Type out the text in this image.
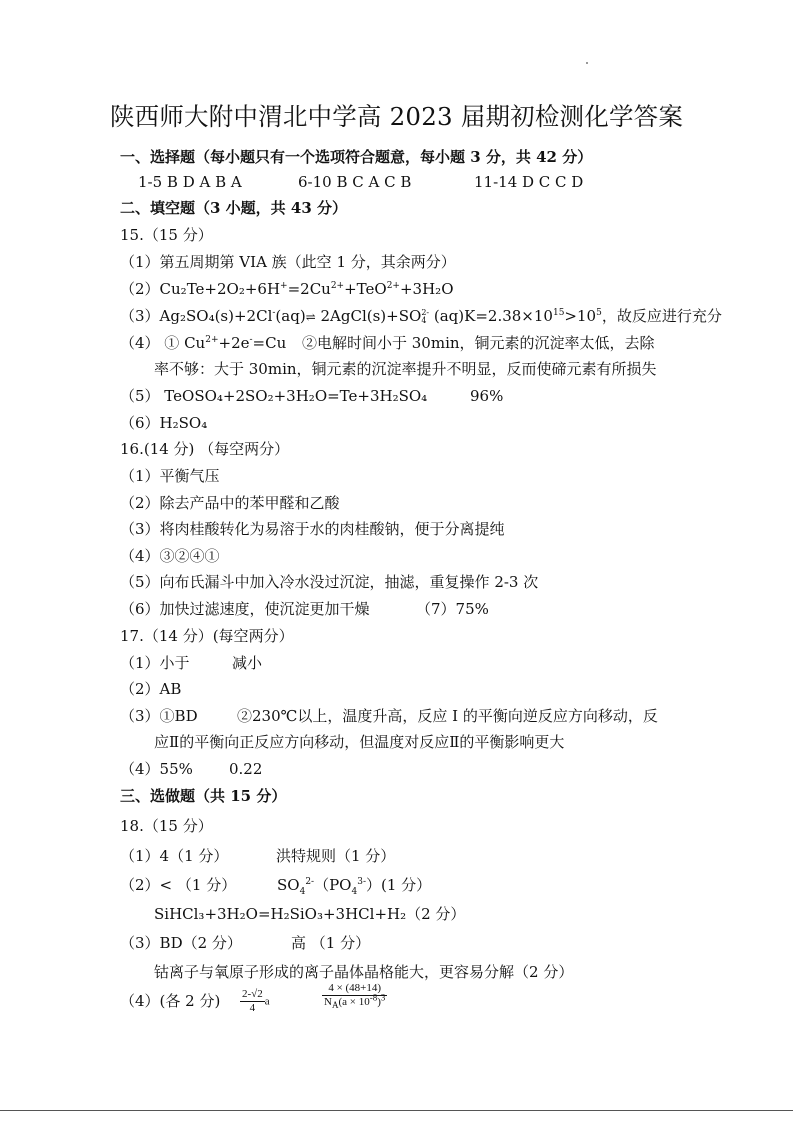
陕西师大附中渭北中学高 2023 届期初检测化学答案
一、选择题（每小题只有一个选项符合题意，每小题 3 分，共 42 分）
1-5 B D A B A	6-10 B C A C B	11-14 D C C D
二、填空题（3 小题，共 43 分）
15.（15 分）
（1）第五周期第 VIA 族（此空 1 分，其余两分）
$(2)Cu_2Te+2O_2+6H^+=2Cu^{2+}+TeO^{2+}+3H_2O$
（3）Ag₂SO₄(s)+2Cl-(aq)⇌ 2AgCl(s)+SO 2-
4 $(aq)K=2.38\times 10^{15}>10^5$，故反应进行充分
（4） ① $Cu^{2+}+2e^-=Cu$ ②电解时间小于 30min，铜元素的沉淀率太低，去除
率不够：大于 30min，铜元素的沉淀率提升不明显，反而使碲元素有所损失
（5） TeOSO₄+2SO₂+3H₂O=Te+3H₂SO₄	96%
（6）H₂SO₄
16.(14 分) （每空两分）
（1）平衡气压
（2）除去产品中的苯甲醛和乙酸
（3）将肉桂酸转化为易溶于水的肉桂酸钠，便于分离提纯
（4）③②④①
（5）向布氏漏斗中加入冷水没过沉淀，抽滤，重复操作 2-3 次
（6）加快过滤速度，使沉淀更加干燥	（7）75%
17.（14 分）(每空两分）
（1）小于	减小
（2）AB
（3）①BD	②230℃以上，温度升高，反应 I 的平衡向逆反应方向移动，反
应Ⅱ的平衡向正反应方向移动，但温度对反应Ⅱ的平衡影响更大
（4）55% 0.22
三、选做题（共 15 分）
18.（15 分）
（1）4（1 分）	洪特规则（1 分）
（2）< （1 分）	$SO_4^{2-}(PO_4^{3-})(1$ 分）
SiHCl₃+3H₂O=H₂SiO₃+3HCl+H₂（2 分）
（3）BD（2 分）	高 （1 分）
钴离子与氧原子形成的离子晶体晶格能大，更容易分解（2 分）
（4）(各 2 分) $\frac{2-√2}{4}$ a	$\frac{4 \times (48+14)}{N_A(a \times 10^{-8})^3}$
